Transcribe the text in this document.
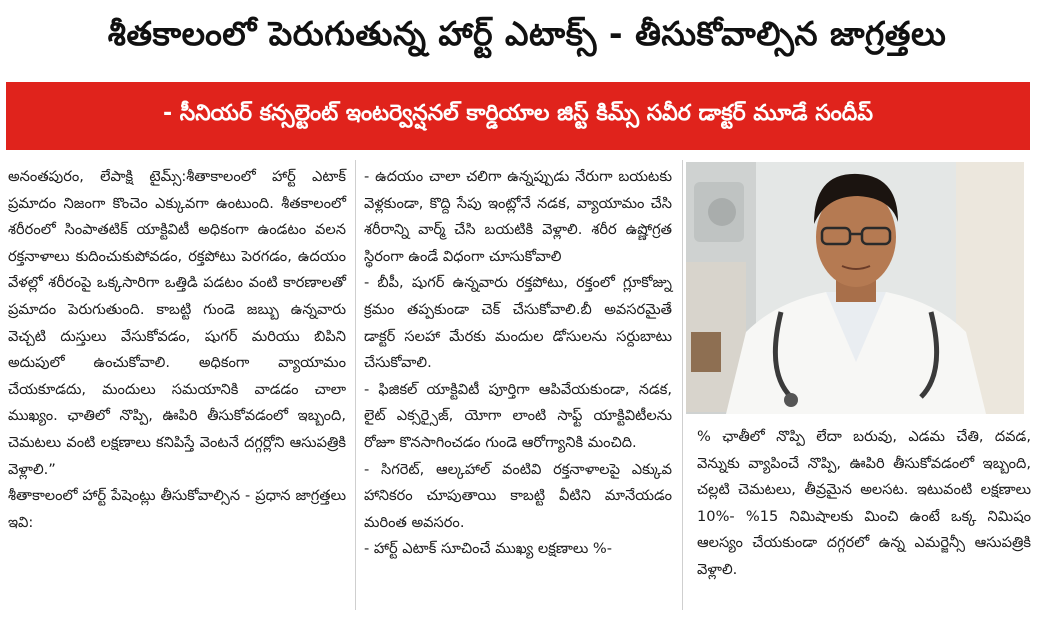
శీతకాలంలో పెరుగుతున్న హార్ట్ ఎటాక్స్ - తీసుకోవాల్సిన జాగ్రత్తలు
- సీనియర్ కన్సల్టెంట్ ఇంటర్వెన్షనల్ కార్డియాల జిస్ట్ కిమ్స్ సవీర డాక్టర్ మూడే సందీప్

అనంతపురం, లేపాక్షి టైమ్స్:శీతాకాలంలో హార్ట్ ఎటాక్ ప్రమాదం నిజంగా కొంచెం ఎక్కువగా ఉంటుంది. శీతకాలంలో శరీరంలో సింపాతటిక్ యాక్టివిటీ అధికంగా ఉండటం వలన రక్తనాళాలు కుదించుకుపోవడం, రక్తపోటు పెరగడం, ఉదయం వేళల్లో శరీరంపై ఒక్కసారిగా ఒత్తిడి పడటం వంటి కారణాలతో ప్రమాదం పెరుగుతుంది. కాబట్టి గుండె జబ్బు ఉన్నవారు వెచ్చటి దుస్తులు వేసుకోవడం, షుగర్ మరియు బిపిని అదుపులో ఉంచుకోవాలి. అధికంగా వ్యాయామం చేయకూడదు, మందులు సమయానికి వాడడం చాలా ముఖ్యం. ఛాతిలో నొప్పి, ఊపిరి తీసుకోవడంలో ఇబ్బంది, చెమటలు వంటి లక్షణాలు కనిపిస్తే వెంటనే దగ్గర్లోని ఆసుపత్రికి వెళ్లాలి.”

శీతాకాలంలో హార్ట్ పేషెంట్లు తీసుకోవాల్సిన - ప్రధాన జాగ్రత్తలు ఇవి:

- ఉదయం చాలా చలిగా ఉన్నప్పుడు నేరుగా బయటకు వెళ్లకుండా, కొద్ది సేపు ఇంట్లోనే నడక, వ్యాయామం చేసి శరీరాన్ని వార్మ్ చేసి బయటికి వెళ్లాలి. శరీర ఉష్ణోగ్రత స్థిరంగా ఉండే విధంగా చూసుకోవాలి

- బీపీ, షుగర్ ఉన్నవారు రక్తపోటు, రక్తంలో గ్లూకోజ్ను క్రమం తప్పకుండా చెక్ చేసుకోవాలి.బీ అవసరమైతే డాక్టర్ సలహా మేరకు మందుల డోసులను సర్దుబాటు చేసుకోవాలి.

- ఫిజికల్ యాక్టివిటీ పూర్తిగా ఆపివేయకుండా, నడక, లైట్ ఎక్సర్సైజ్, యోగా లాంటి సాఫ్ట్ యాక్టివిటీలను రోజూ కొనసాగించడం గుండె ఆరోగ్యానికి మంచిది.

- సిగరెట్, ఆల్కహాల్ వంటివి రక్తనాళాలపై ఎక్కువ హానికరం చూపుతాయి కాబట్టి వీటిని మానేయడం మరింత అవసరం.

- హార్ట్ ఎటాక్ సూచించే ముఖ్య లక్షణాలు %-

% ఛాతీలో నొప్పి లేదా బరువు, ఎడమ చేతి, దవడ, వెన్నుకు వ్యాపించే నొప్పి, ఊపిరి తీసుకోవడంలో ఇబ్బంది, చల్లటి చెమటలు, తీవ్రమైన అలసట. ఇటువంటి లక్షణాలు 10%- %15 నిమిషాలకు మించి ఉంటే ఒక్క నిమిషం ఆలస్యం చేయకుండా దగ్గరలో ఉన్న ఎమర్జెన్సీ ఆసుపత్రికి వెళ్లాలి.
